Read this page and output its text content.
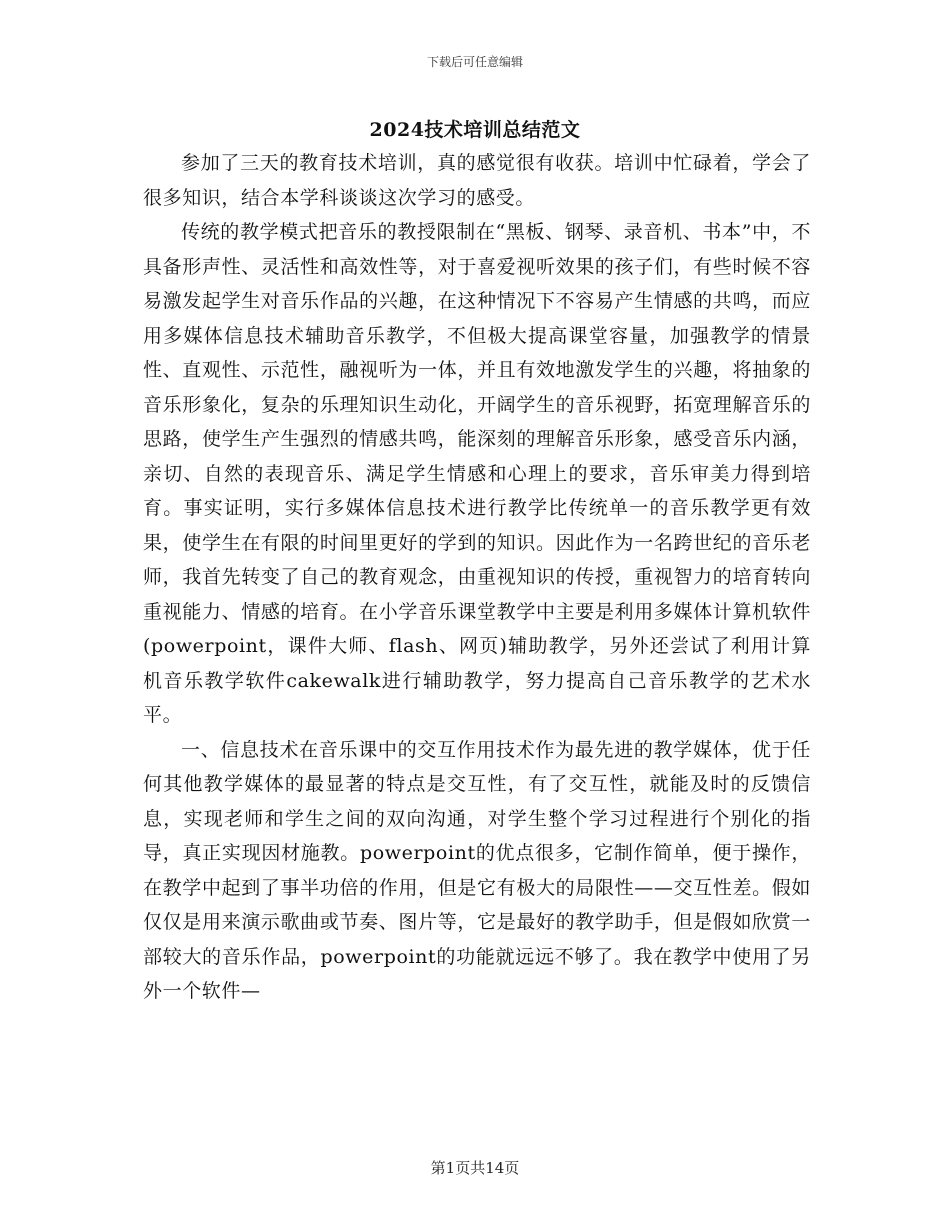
下载后可任意编辑
2024技术培训总结范文

参加了三天的教育技术培训，真的感觉很有收获。培训中忙碌着，学会了很多知识，结合本学科谈谈这次学习的感受。

传统的教学模式把音乐的教授限制在“黑板、钢琴、录音机、书本”中，不具备形声性、灵活性和高效性等，对于喜爱视听效果的孩子们，有些时候不容易激发起学生对音乐作品的兴趣，在这种情况下不容易产生情感的共鸣，而应用多媒体信息技术辅助音乐教学，不但极大提高课堂容量，加强教学的情景性、直观性、示范性，融视听为一体，并且有效地激发学生的兴趣，将抽象的音乐形象化，复杂的乐理知识生动化，开阔学生的音乐视野，拓宽理解音乐的思路，使学生产生强烈的情感共鸣，能深刻的理解音乐形象，感受音乐内涵，亲切、自然的表现音乐、满足学生情感和心理上的要求，音乐审美力得到培育。事实证明，实行多媒体信息技术进行教学比传统单一的音乐教学更有效果，使学生在有限的时间里更好的学到的知识。因此作为一名跨世纪的音乐老师，我首先转变了自己的教育观念，由重视知识的传授，重视智力的培育转向重视能力、情感的培育。在小学音乐课堂教学中主要是利用多媒体计算机软件(powerpoint，课件大师、flash、网页)辅助教学，另外还尝试了利用计算机音乐教学软件cakewalk进行辅助教学，努力提高自己音乐教学的艺术水平。

一、信息技术在音乐课中的交互作用技术作为最先进的教学媒体，优于任何其他教学媒体的最显著的特点是交互性，有了交互性，就能及时的反馈信息，实现老师和学生之间的双向沟通，对学生整个学习过程进行个别化的指导，真正实现因材施教。powerpoint的优点很多，它制作简单，便于操作，在教学中起到了事半功倍的作用，但是它有极大的局限性——交互性差。假如仅仅是用来演示歌曲或节奏、图片等，它是最好的教学助手，但是假如欣赏一部较大的音乐作品，powerpoint的功能就远远不够了。我在教学中使用了另外一个软件—

第1页共14页
